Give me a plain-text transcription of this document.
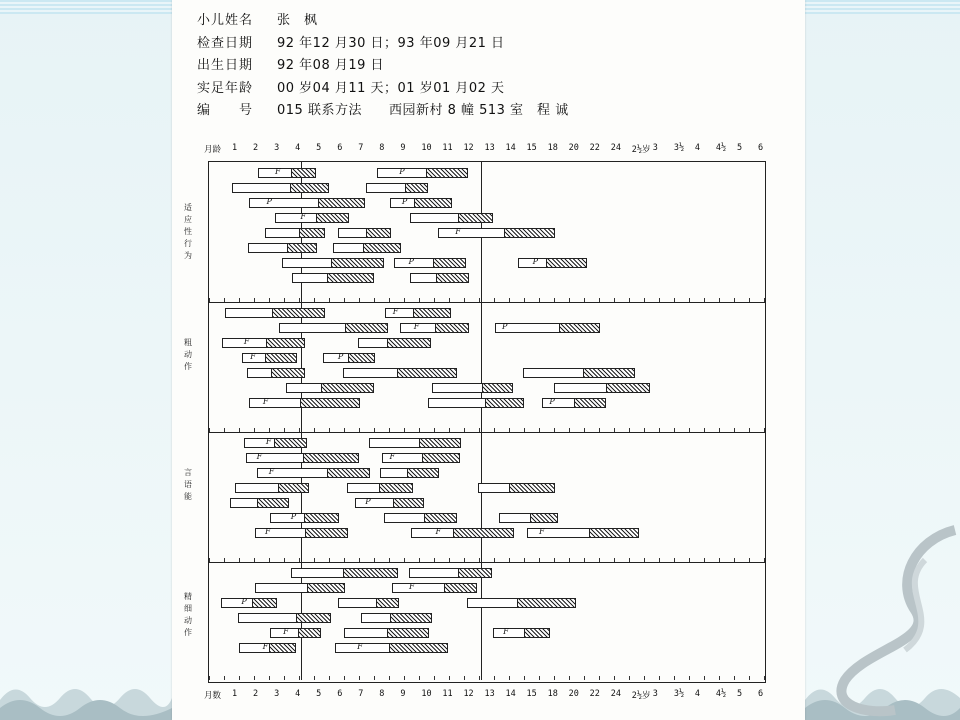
小儿姓名 张　枫
检查日期 92 年12 月30 日；93 年09 月21 日
出生日期 92 年08 月19 日
实足年龄 00 岁04 月11 天；01 岁01 月02 天
编　　号 015 联系方法　　西园新村 8 幢 513 室　程 诚
月龄 1 2 3 4 5 6 7 8 9 10 11 12 13 14 15 18 20 22 24 2½岁 3 3½ 4 4½ 5 6
适应性行为
F	P
P	P
F
F
P	P
粗动作
F
F	P
F
F	P
F	P
言语能
F
F	F
F
P
P
F	F	F
精细动作
F
P
F	F
F	F
月数 1 2 3 4 5 6 7 8 9 10 11 12 13 14 15 18 20 22 24 2½岁 3 3½ 4 4½ 5 6
